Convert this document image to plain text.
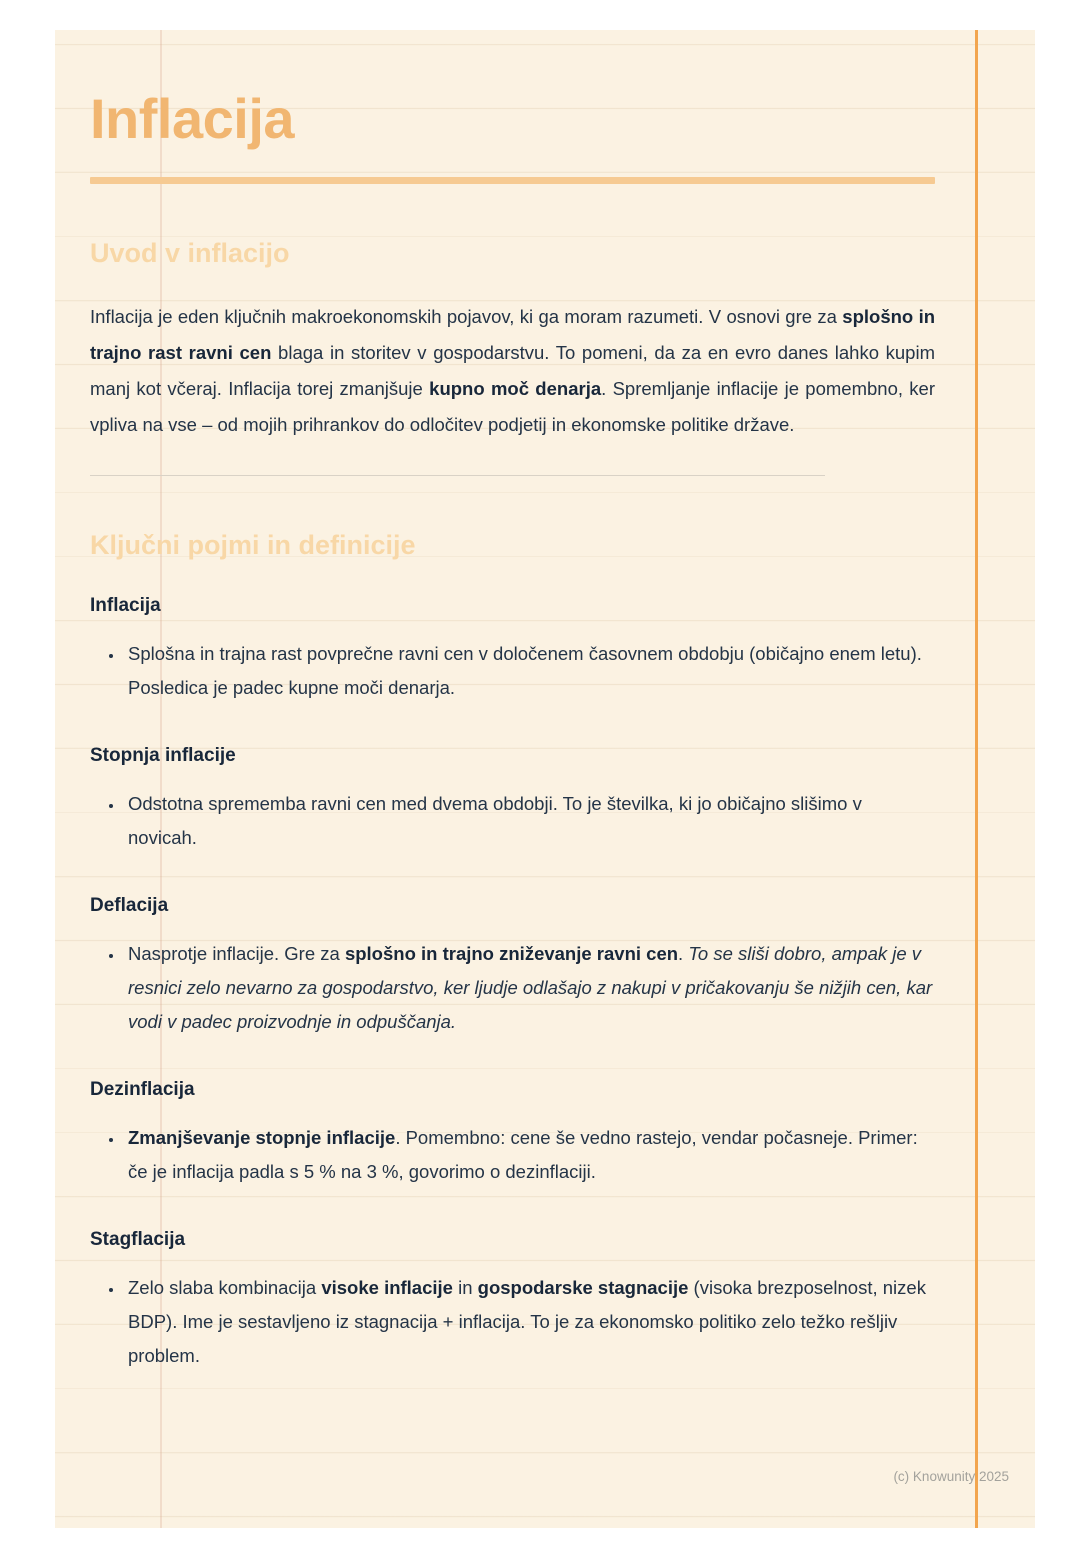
Inflacija
Uvod v inflacijo

Inflacija je eden ključnih makroekonomskih pojavov, ki ga moram razumeti. V osnovi gre za splošno in trajno rast ravni cen blaga in storitev v gospodarstvu. To pomeni, da za en evro danes lahko kupim manj kot včeraj. Inflacija torej zmanjšuje kupno moč denarja. Spremljanje inflacije je pomembno, ker vpliva na vse – od mojih prihrankov do odločitev podjetij in ekonomske politike države.

Ključni pojmi in definicije
Inflacija
• Splošna in trajna rast povprečne ravni cen v določenem časovnem obdobju (običajno enem letu). Posledica je padec kupne moči denarja.
Stopnja inflacije
• Odstotna sprememba ravni cen med dvema obdobji. To je številka, ki jo običajno slišimo v novicah.
Deflacija
• Nasprotje inflacije. Gre za splošno in trajno zniževanje ravni cen. To se sliši dobro, ampak je v resnici zelo nevarno za gospodarstvo, ker ljudje odlašajo z nakupi v pričakovanju še nižjih cen, kar vodi v padec proizvodnje in odpuščanja.
Dezinflacija
• Zmanjševanje stopnje inflacije. Pomembno: cene še vedno rastejo, vendar počasneje. Primer: če je inflacija padla s 5 % na 3 %, govorimo o dezinflaciji.
Stagflacija
• Zelo slaba kombinacija visoke inflacije in gospodarske stagnacije (visoka brezposelnost, nizek BDP). Ime je sestavljeno iz stagnacija + inflacija. To je za ekonomsko politiko zelo težko rešljiv problem.
(c) Knowunity 2025
